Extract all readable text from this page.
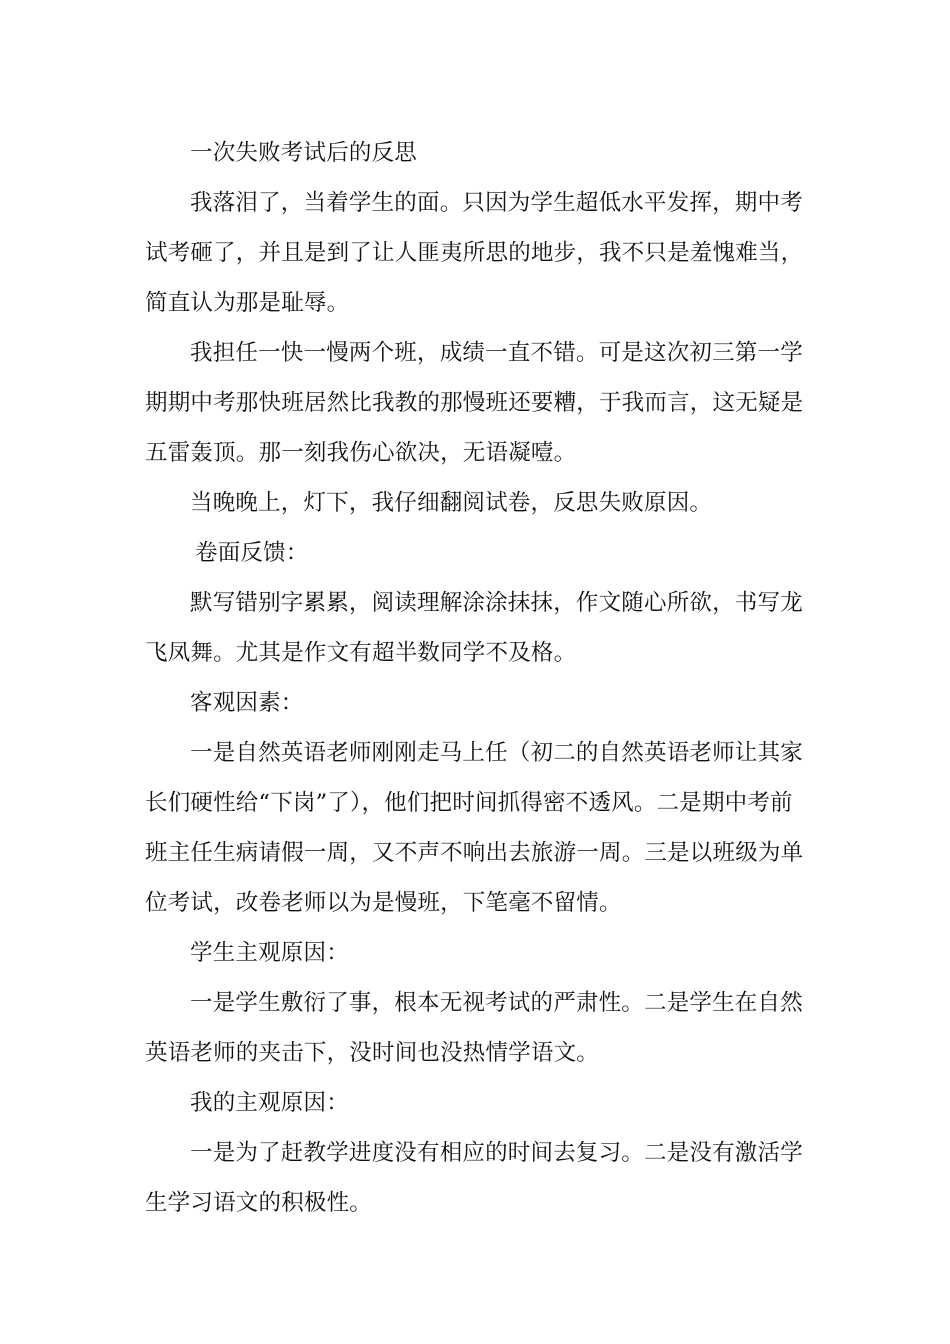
一次失败考试后的反思

我落泪了，当着学生的面。只因为学生超低水平发挥，期中考试考砸了，并且是到了让人匪夷所思的地步，我不只是羞愧难当，简直认为那是耻辱。

我担任一快一慢两个班，成绩一直不错。可是这次初三第一学期期中考那快班居然比我教的那慢班还要糟，于我而言，这无疑是五雷轰顶。那一刻我伤心欲决，无语凝噎。

当晚晚上，灯下，我仔细翻阅试卷，反思失败原因。

卷面反馈：

默写错别字累累，阅读理解涂涂抹抹，作文随心所欲，书写龙飞凤舞。尤其是作文有超半数同学不及格。

客观因素：

一是自然英语老师刚刚走马上任（初二的自然英语老师让其家长们硬性给“下岗”了），他们把时间抓得密不透风。二是期中考前班主任生病请假一周，又不声不响出去旅游一周。三是以班级为单位考试，改卷老师以为是慢班，下笔毫不留情。

学生主观原因：

一是学生敷衍了事，根本无视考试的严肃性。二是学生在自然英语老师的夹击下，没时间也没热情学语文。

我的主观原因：

一是为了赶教学进度没有相应的时间去复习。二是没有激活学生学习语文的积极性。
